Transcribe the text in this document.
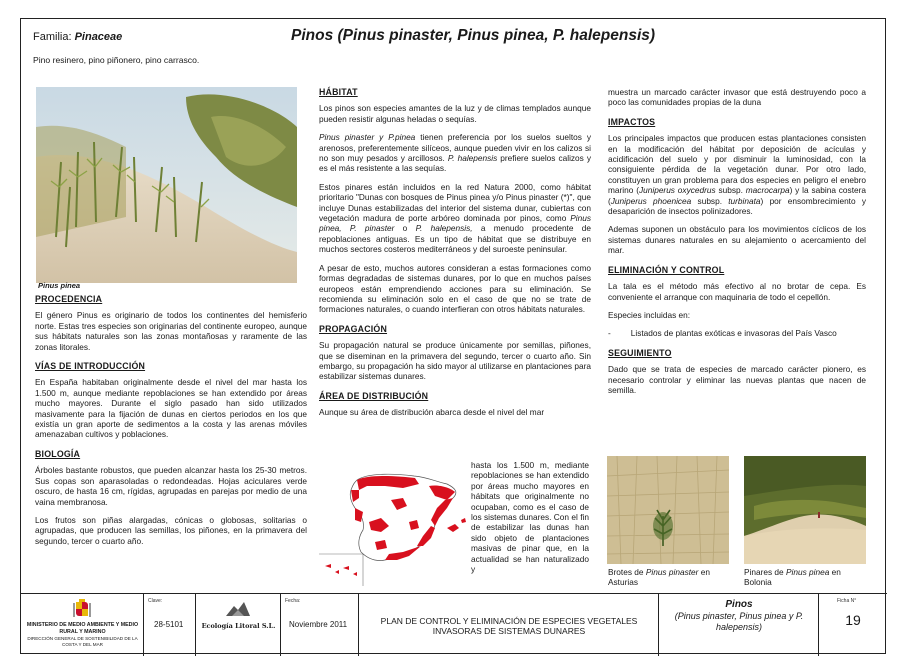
Familia: Pinaceae	Pinos (Pinus pinaster, Pinus pinea, P. halepensis)
Pino resinero, pino piñonero, pino carrasco.
Pinus pinea
PROCEDENCIA

El género Pinus es originario de todos los continentes del hemisferio norte. Estas tres especies son originarias del continente europeo, aunque sus hábitats naturales son las zonas montañosas y raramente de las zonas litorales.

VÍAS DE INTRODUCCIÓN

En España habitaban originalmente desde el nivel del mar hasta los 1.500 m, aunque mediante repoblaciones se han extendido por áreas mucho mayores. Durante el siglo pasado han sido utilizados masivamente para la fijación de dunas en ciertos periodos en los que existía un gran aporte de sedimentos a la costa y las arenas móviles amenazaban cultivos y poblaciones.

BIOLOGÍA

Árboles bastante robustos, que pueden alcanzar hasta los 25-30 metros. Sus copas son aparasoladas o redondeadas. Hojas aciculares verde oscuro, de hasta 16 cm, rígidas, agrupadas en parejas por medio de una vaina membranosa.

Los frutos son piñas alargadas, cónicas o globosas, solitarias o agrupadas, que producen las semillas, los piñones, en la primavera del segundo, tercer o cuarto año.

HÁBITAT

Los pinos son especies amantes de la luz y de climas templados aunque pueden resistir algunas heladas o sequías.

Pinus pinaster y P.pinea tienen preferencia por los suelos sueltos y arenosos, preferentemente silíceos, aunque pueden vivir en los calizos si no son muy pesados y arcillosos. P. halepensis prefiere suelos calizos y es el más resistente a las sequías.

Estos pinares están incluidos en la red Natura 2000, como hábitat prioritario "Dunas con bosques de Pinus pinea y/o Pinus pinaster (*)", que incluye Dunas estabilizadas del interior del sistema dunar, cubiertas con vegetación madura de porte arbóreo dominada por pinos, como Pinus pinea, P. pinaster o P. halepensis, a menudo procedente de repoblaciones antiguas. Es un tipo de hábitat que se distribuye en muchos sectores costeros mediterráneos y del suroeste peninsular.

A pesar de esto, muchos autores consideran a estas formaciones como formas degradadas de sistemas dunares, por lo que en muchos países europeos están emprendiendo acciones para su eliminación. Se recomienda su eliminación solo en el caso de que no se trate de formaciones naturales, o cuando interfieran con otros hábitats naturales.

PROPAGACIÓN

Su propagación natural se produce únicamente por semillas, piñones, que se diseminan en la primavera del segundo, tercer o cuarto año. Sin embargo, su propagación ha sido mayor al utilizarse en plantaciones para estabilizar sistemas dunares.

ÁREA DE DISTRIBUCIÓN

Aunque su área de distribución abarca desde el nivel del mar

hasta los 1.500 m, mediante repoblaciones se han extendido por áreas mucho mayores en hábitats que originalmente no ocupaban, como es el caso de los sistemas dunares. Con el fin de estabilizar las dunas han sido objeto de plantaciones masivas de pinar que, en la actualidad se han naturalizado y

muestra un marcado carácter invasor que está destruyendo poco a poco las comunidades propias de la duna

IMPACTOS

Los principales impactos que producen estas plantaciones consisten en la modificación del hábitat por deposición de acículas y acidificación del suelo y por disminuir la luminosidad, con la consiguiente pérdida de la vegetación dunar. Por otro lado, constituyen un gran problema para dos especies en peligro el enebro marino (Juniperus oxycedrus subsp. macrocarpa) y la sabina costera (Juniperus phoenicea subsp. turbinata) por ensombrecimiento y desaparición de insectos polinizadores.

Ademas suponen un obstáculo para los movimientos cíclicos de los sistemas dunares naturales en su alejamiento o acercamiento del mar.

ELIMINACIÓN Y CONTROL

La tala es el método más efectivo al no brotar de cepa. Es conveniente el arranque con maquinaria de todo el cepellón.

Especies incluidas en:

- Listados de plantas exóticas e invasoras del País Vasco

SEGUIMIENTO

Dado que se trata de especies de marcado carácter pionero, es necesario controlar y eliminar las nuevas plantas que nacen de semilla.

Brotes de Pinus pinaster en Asturias
Pinares de Pinus pinea en Bolonia
MINISTERIO DE MEDIO AMBIENTE Y MEDIO RURAL Y MARINO
DIRECCIÓN GENERAL DE SOSTENIBILIDAD DE LA COSTA Y DEL MAR
Clave:
28-5101	Ecología Litoral S.L.
Fecha:
Noviembre 2011	PLAN DE CONTROL Y ELIMINACIÓN DE ESPECIES VEGETALES INVASORAS DE SISTEMAS DUNARES
Pinos
(Pinus pinaster, Pinus pinea y P. halepensis)
Ficha N°
19
